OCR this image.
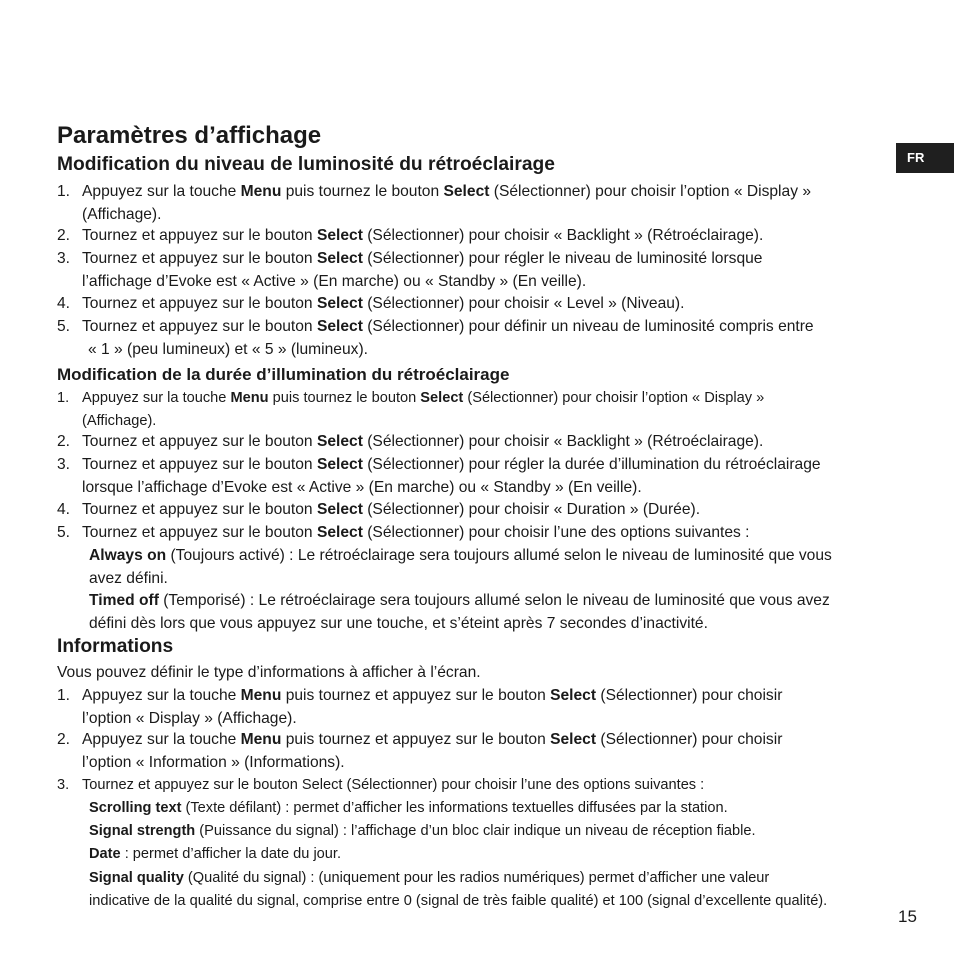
Paramètres d’affichage
FR
Modification du niveau de luminosité du rétroéclairage
1. Appuyez sur la touche Menu puis tournez le bouton Select (Sélectionner) pour choisir l’option « Display »
(Affichage).
2. Tournez et appuyez sur le bouton Select (Sélectionner) pour choisir « Backlight » (Rétroéclairage).
3. Tournez et appuyez sur le bouton Select (Sélectionner) pour régler le niveau de luminosité lorsque
l’affichage d’Evoke est « Active » (En marche) ou « Standby » (En veille).
4. Tournez et appuyez sur le bouton Select (Sélectionner) pour choisir « Level » (Niveau).
5. Tournez et appuyez sur le bouton Select (Sélectionner) pour définir un niveau de luminosité compris entre
« 1 » (peu lumineux) et « 5 » (lumineux).
Modification de la durée d’illumination du rétroéclairage
1. Appuyez sur la touche Menu puis tournez le bouton Select (Sélectionner) pour choisir l’option « Display »
(Affichage).
2. Tournez et appuyez sur le bouton Select (Sélectionner) pour choisir « Backlight » (Rétroéclairage).
3. Tournez et appuyez sur le bouton Select (Sélectionner) pour régler la durée d’illumination du rétroéclairage
lorsque l’affichage d’Evoke est « Active » (En marche) ou « Standby » (En veille).
4. Tournez et appuyez sur le bouton Select (Sélectionner) pour choisir « Duration » (Durée).
5. Tournez et appuyez sur le bouton Select (Sélectionner) pour choisir l’une des options suivantes :
Always on (Toujours activé) : Le rétroéclairage sera toujours allumé selon le niveau de luminosité que vous
avez défini.
Timed off (Temporisé) : Le rétroéclairage sera toujours allumé selon le niveau de luminosité que vous avez
défini dès lors que vous appuyez sur une touche, et s’éteint après 7 secondes d’inactivité.
Informations
Vous pouvez définir le type d’informations à afficher à l’écran.
1. Appuyez sur la touche Menu puis tournez et appuyez sur le bouton Select (Sélectionner) pour choisir
l’option « Display » (Affichage).
2. Appuyez sur la touche Menu puis tournez et appuyez sur le bouton Select (Sélectionner) pour choisir
l’option « Information » (Informations).
3. Tournez et appuyez sur le bouton Select (Sélectionner) pour choisir l’une des options suivantes :
Scrolling text (Texte défilant) : permet d’afficher les informations textuelles diffusées par la station.
Signal strength (Puissance du signal) : l’affichage d’un bloc clair indique un niveau de réception fiable.
Date : permet d’afficher la date du jour.
Signal quality (Qualité du signal) : (uniquement pour les radios numériques) permet d’afficher une valeur
indicative de la qualité du signal, comprise entre 0 (signal de très faible qualité) et 100 (signal d’excellente qualité).
15
